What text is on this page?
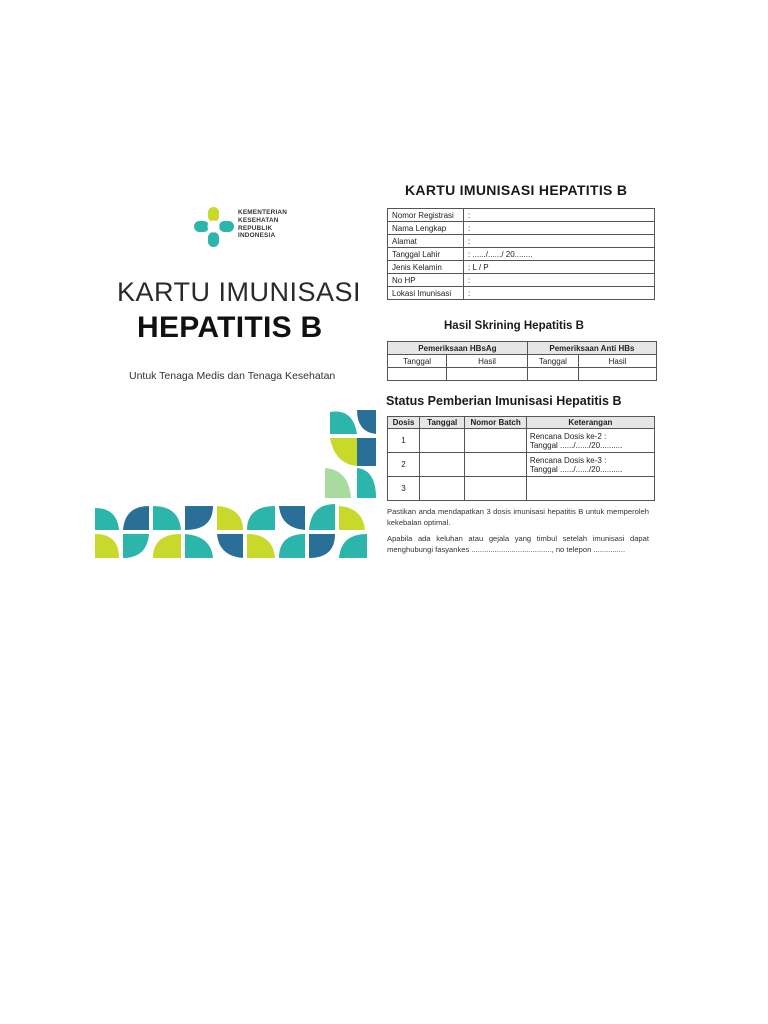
KEMENTERIAN
KESEHATAN
REPUBLIK
INDONESIA
KARTU IMUNISASI
HEPATITIS B
Untuk Tenaga Medis dan Tenaga Kesehatan
KARTU IMUNISASI HEPATITIS B
Nomor Registrasi	:
Nama Lengkap	:
Alamat	:
Tanggal Lahir	: ....../....../ 20........
Jenis Kelamin	: L / P
No HP	:
Lokasi Imunisasi	:
Hasil Skrining Hepatitis B
Pemeriksaan HBsAg		Pemeriksaan Anti HBs	
Tanggal	Hasil	Tanggal	Hasil

Status Pemberian Imunisasi Hepatitis B
Dosis	Tanggal	Nomor Batch	Keterangan
1			Rencana Dosis ke-2 :
Tanggal ....../....../20..........

2			Rencana Dosis ke-3 :
Tanggal ....../....../20..........

3			
Pastikan anda mendapatkan 3 dosis imunisasi hepatitis B untuk memperoleh kekebalan optimal.
Apabila ada keluhan atau gejala yang timbul setelah imunisasi dapat menghubungi fasyankes ......................................, no telepon ...............
